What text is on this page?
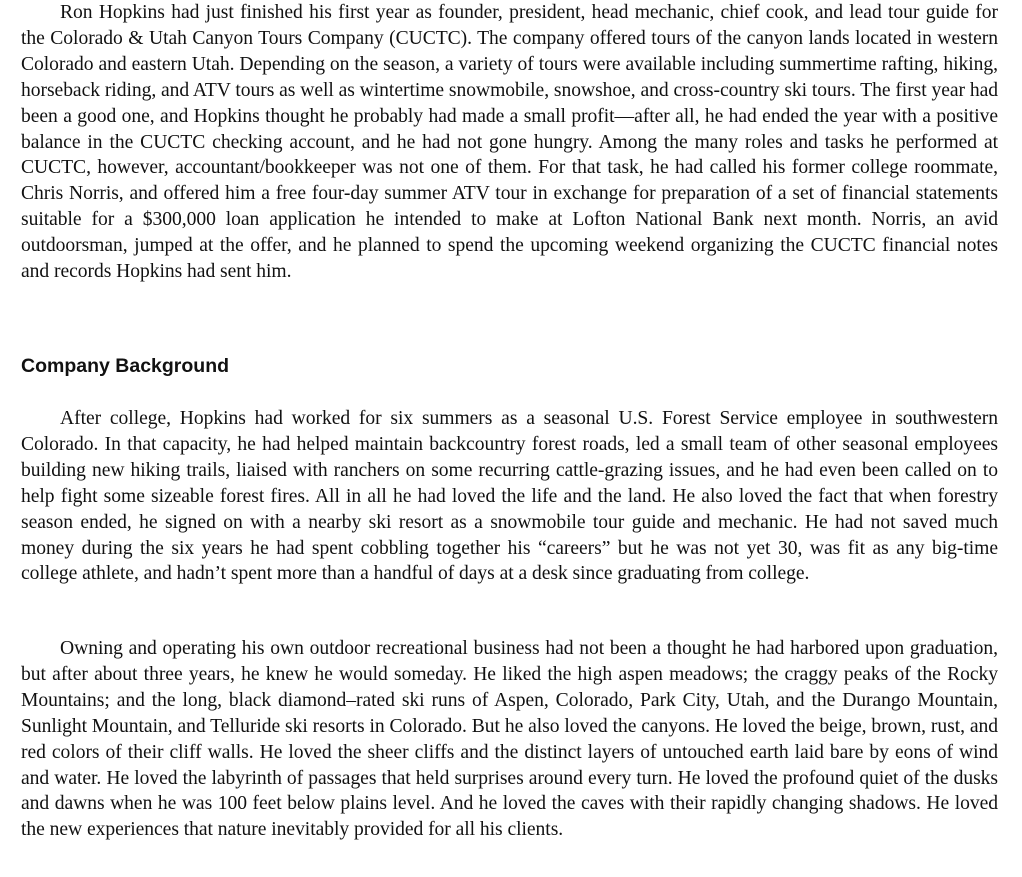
Ron Hopkins had just finished his first year as founder, president, head mechanic, chief cook, and lead tour guide for the Colorado & Utah Canyon Tours Company (CUCTC). The company offered tours of the canyon lands located in western Colorado and eastern Utah. Depending on the season, a variety of tours were available including summertime rafting, hiking, horseback riding, and ATV tours as well as wintertime snowmobile, snowshoe, and cross-country ski tours. The first year had been a good one, and Hopkins thought he probably had made a small profit—after all, he had ended the year with a positive balance in the CUCTC checking account, and he had not gone hungry. Among the many roles and tasks he performed at CUCTC, however, accountant/bookkeeper was not one of them. For that task, he had called his former college roommate, Chris Norris, and offered him a free four-day summer ATV tour in exchange for preparation of a set of financial statements suitable for a $300,000 loan application he intended to make at Lofton National Bank next month. Norris, an avid outdoorsman, jumped at the offer, and he planned to spend the upcoming weekend organizing the CUCTC financial notes and records Hopkins had sent him.

Company Background

After college, Hopkins had worked for six summers as a seasonal U.S. Forest Service employee in southwestern Colorado. In that capacity, he had helped maintain backcountry forest roads, led a small team of other seasonal employees building new hiking trails, liaised with ranchers on some recurring cattle-grazing issues, and he had even been called on to help fight some sizeable forest fires. All in all he had loved the life and the land. He also loved the fact that when forestry season ended, he signed on with a nearby ski resort as a snowmobile tour guide and mechanic. He had not saved much money during the six years he had spent cobbling together his “careers” but he was not yet 30, was fit as any big-time college athlete, and hadn’t spent more than a handful of days at a desk since graduating from college.

Owning and operating his own outdoor recreational business had not been a thought he had harbored upon graduation, but after about three years, he knew he would someday. He liked the high aspen meadows; the craggy peaks of the Rocky Mountains; and the long, black diamond–rated ski runs of Aspen, Colorado, Park City, Utah, and the Durango Mountain, Sunlight Mountain, and Telluride ski resorts in Colorado. But he also loved the canyons. He loved the beige, brown, rust, and red colors of their cliff walls. He loved the sheer cliffs and the distinct layers of untouched earth laid bare by eons of wind and water. He loved the labyrinth of passages that held surprises around every turn. He loved the profound quiet of the dusks and dawns when he was 100 feet below plains level. And he loved the caves with their rapidly changing shadows. He loved the new experiences that nature inevitably provided for all his clients.
